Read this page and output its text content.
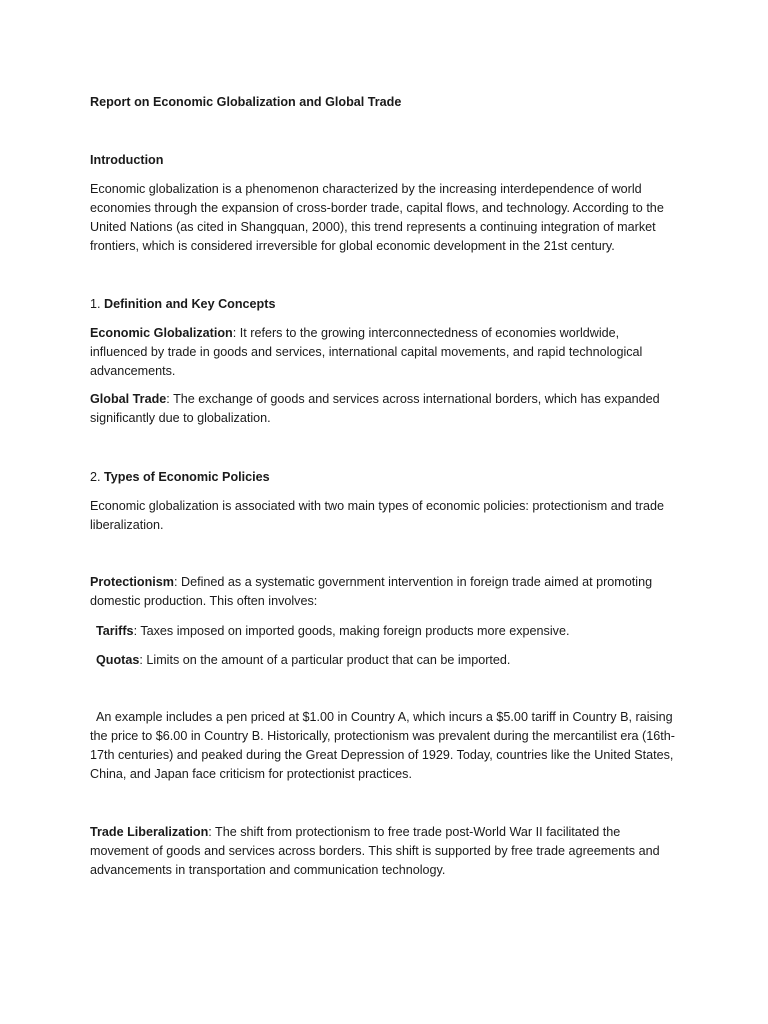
Report on Economic Globalization and Global Trade

Introduction

Economic globalization is a phenomenon characterized by the increasing interdependence of world economies through the expansion of cross-border trade, capital flows, and technology. According to the United Nations (as cited in Shangquan, 2000), this trend represents a continuing integration of market frontiers, which is considered irreversible for global economic development in the 21st century.

1. Definition and Key Concepts

Economic Globalization: It refers to the growing interconnectedness of economies worldwide, influenced by trade in goods and services, international capital movements, and rapid technological advancements.

Global Trade: The exchange of goods and services across international borders, which has expanded significantly due to globalization.

2. Types of Economic Policies

Economic globalization is associated with two main types of economic policies: protectionism and trade liberalization.

Protectionism: Defined as a systematic government intervention in foreign trade aimed at promoting domestic production. This often involves:

Tariffs: Taxes imposed on imported goods, making foreign products more expensive.

Quotas: Limits on the amount of a particular product that can be imported.

An example includes a pen priced at $1.00 in Country A, which incurs a $5.00 tariff in Country B, raising the price to $6.00 in Country B. Historically, protectionism was prevalent during the mercantilist era (16th-17th centuries) and peaked during the Great Depression of 1929. Today, countries like the United States, China, and Japan face criticism for protectionist practices.

Trade Liberalization: The shift from protectionism to free trade post-World War II facilitated the movement of goods and services across borders. This shift is supported by free trade agreements and advancements in transportation and communication technology.
